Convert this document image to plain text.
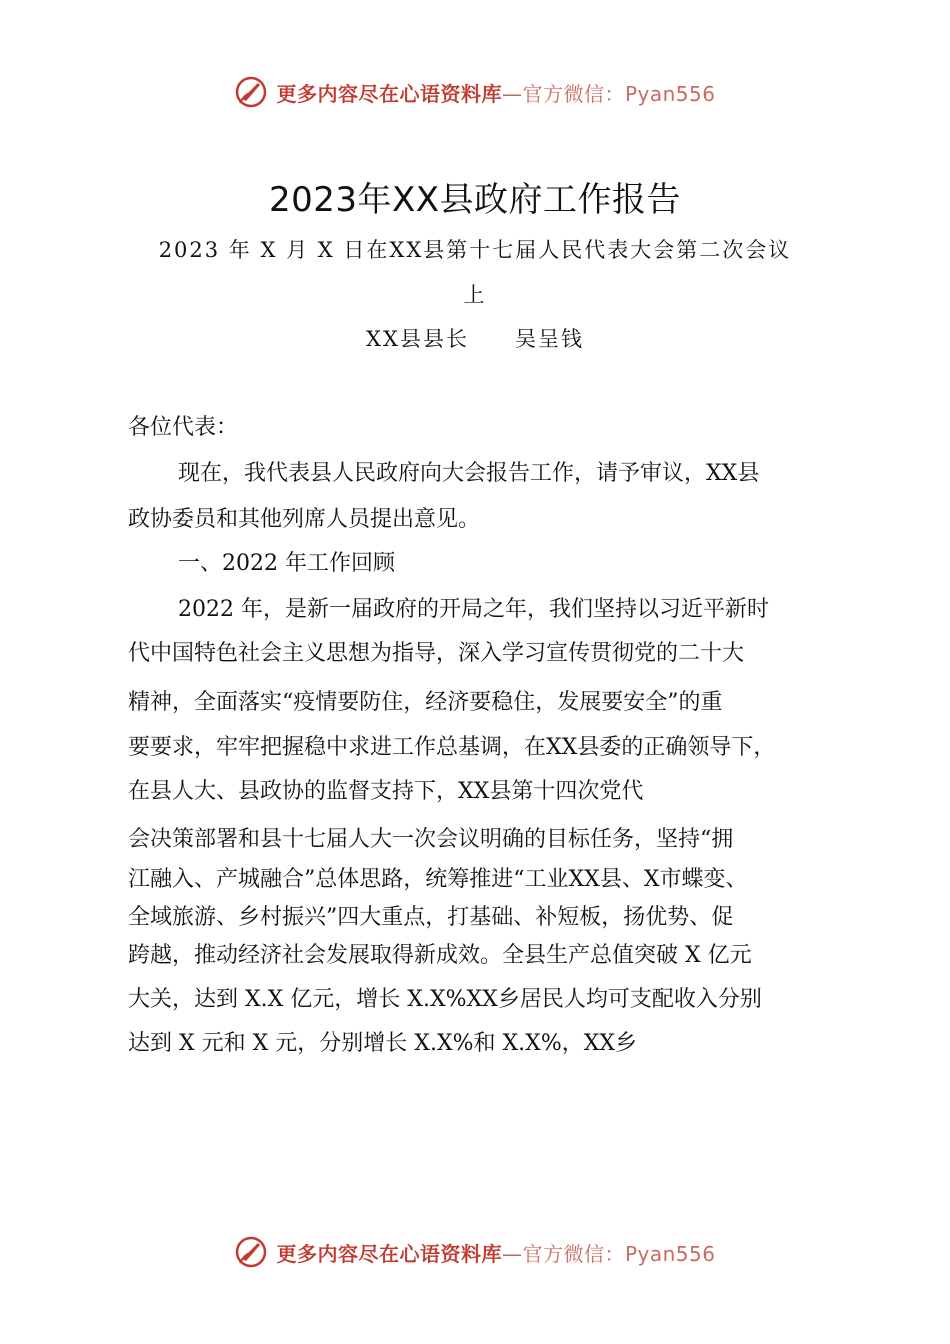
更多内容尽在心语资料库—官方微信：Pyan556
2023年XX县政府工作报告
2023 年 X 月 X 日在XX县第十七届人民代表大会第二次会议
上
XX县县长 吴呈钱
各位代表：
现在，我代表县人民政府向大会报告工作，请予审议，XX县
政协委员和其他列席人员提出意见。
一、2022 年工作回顾
2022 年，是新一届政府的开局之年，我们坚持以习近平新时
代中国特色社会主义思想为指导，深入学习宣传贯彻党的二十大
精神，全面落实“疫情要防住，经济要稳住，发展要安全”的重
要要求，牢牢把握稳中求进工作总基调，在XX县委的正确领导下，
在县人大、县政协的监督支持下，XX县第十四次党代
会决策部署和县十七届人大一次会议明确的目标任务，坚持“拥
江融入、产城融合”总体思路，统筹推进“工业XX县、X市蝶变、
全域旅游、乡村振兴”四大重点，打基础、补短板，扬优势、促
跨越，推动经济社会发展取得新成效。全县生产总值突破 X 亿元
大关，达到 X.X 亿元，增长 X.X%XX乡居民人均可支配收入分别
达到 X 元和 X 元，分别增长 X.X%和 X.X%，XX乡
更多内容尽在心语资料库—官方微信：Pyan556
